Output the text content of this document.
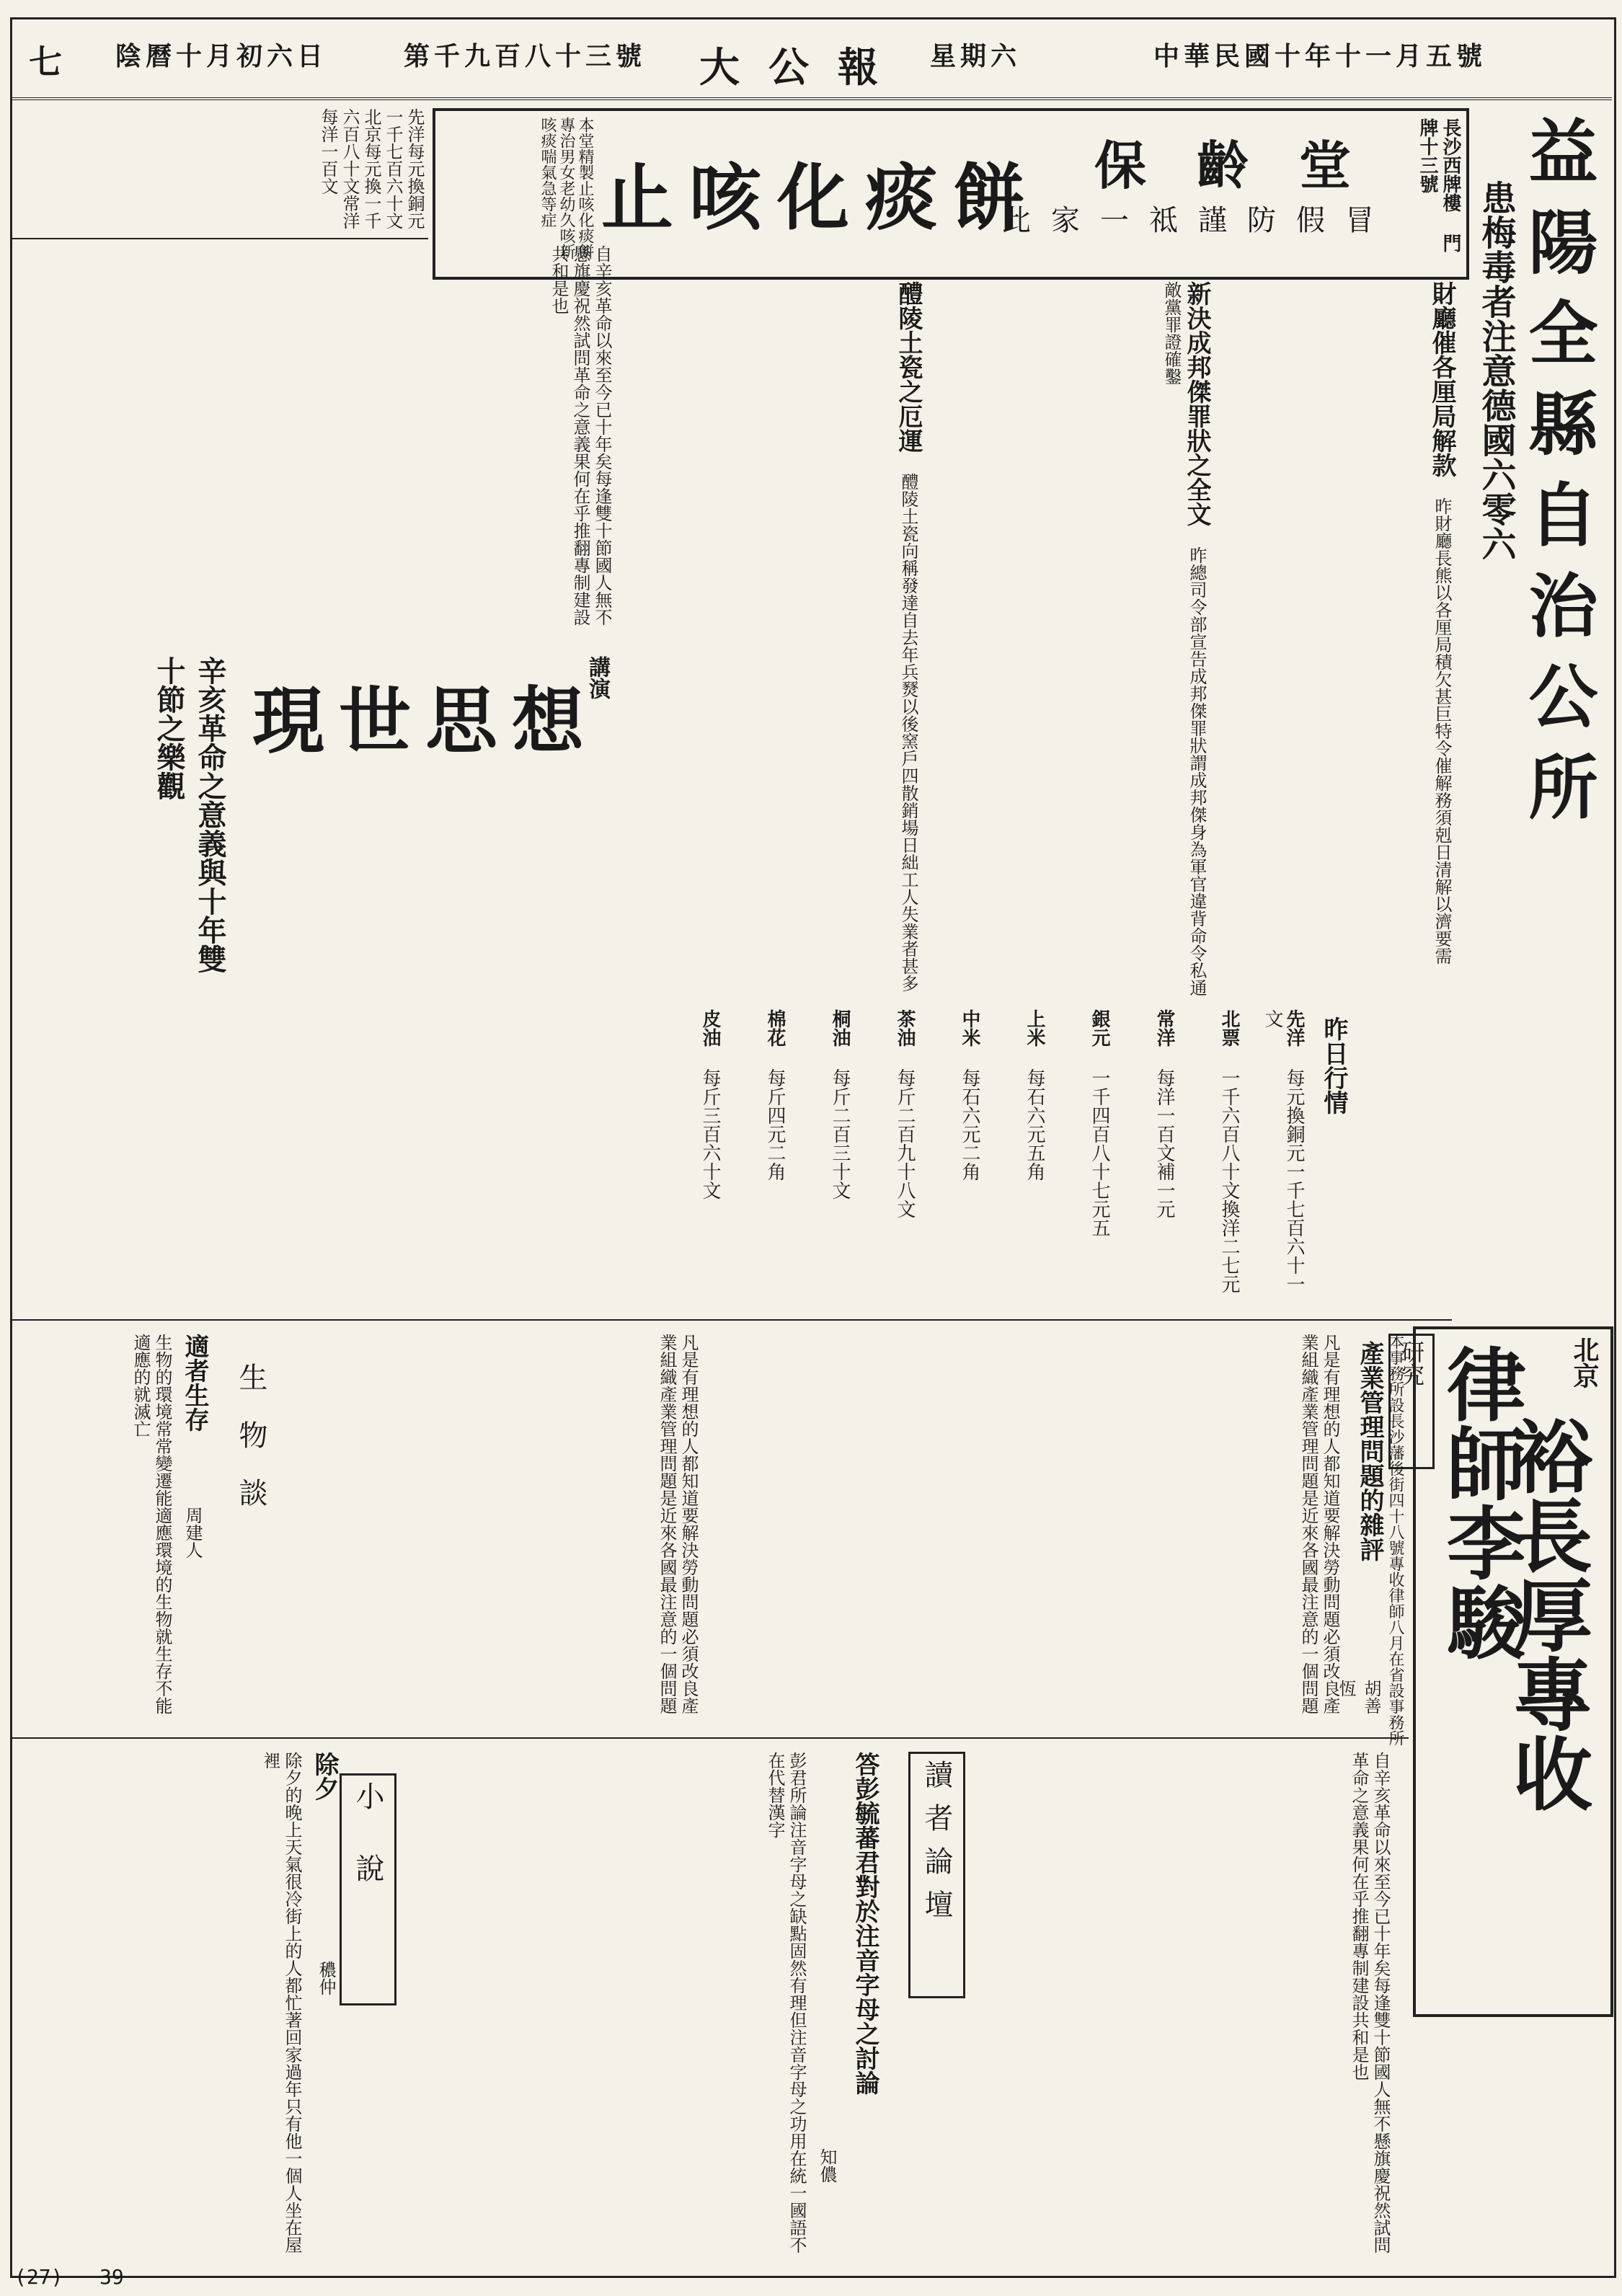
七 陰曆十月初六日	第千九百八十三號 大公報 星期六	中華民國十年十一月五號
長沙西牌樓 門牌十三號
保齡堂
此家一祗謹防假冒
止咳化痰餅
本堂精製止咳化痰餅專治男女老幼久咳新咳痰喘氣急等症
先洋每元換銅元一千七百六十文北京每元換一千六百八十文常洋每洋一百文	益陽全縣自治公所
患梅毒者注意德國六零六
財廳催各厘局解款 昨財廳長熊以各厘局積欠甚巨特令催解務須剋日清解以濟要需
新決成邦傑罪狀之全文 昨總司令部宣告成邦傑罪狀謂成邦傑身為軍官違背命令私通敵黨罪證確鑿
醴陵土瓷之厄運 醴陵土瓷向稱發達自去年兵燹以後窯戶四散銷場日絀工人失業者甚多
自辛亥革命以來至今已十年矣每逢雙十節國人無不懸旗慶祝然試問革命之意義果何在乎推翻專制建設共和是也
昨日行情
先洋 每元換銅元一千七百六十一文
北票 一千六百八十文換洋二七元
常洋 每洋一百文補一元
銀元 一千四百八十七元五
上米 每石六元五角
中米 每石六元二角
茶油 每斤二百九十八文
桐油 每斤二百三十文
棉花 每斤四元二角
皮油 每斤三百六十文
講演
現世思想
辛亥革命之意義與十年雙十節之樂觀
研究
產業管理問題的雜評
胡善恆
凡是有理想的人都知道要解決勞動問題必須改良產業組織產業管理問題是近來各國最注意的一個問題	北京
裕長厚專收
律師李駿
本事務所設長沙藩後街四十八號專收律師八月在省設事務所
生物談
適者生存
周建人
生物的環境常常變遷能適應環境的生物就生存不能適應的就滅亡	凡是有理想的人都知道要解決勞動問題必須改良產業組織產業管理問題是近來各國最注意的一個問題
讀者論壇
答彭毓蕃君對於注音字母之討論
知儂
彭君所論注音字母之缺點固然有理但注音字母之功用在統一國語不在代替漢字	自辛亥革命以來至今已十年矣每逢雙十節國人無不懸旗慶祝然試問革命之意義果何在乎推翻專制建設共和是也
小說
除夕
穠仲
除夕的晚上天氣很冷街上的人都忙著回家過年只有他一個人坐在屋裡
(27) 39
